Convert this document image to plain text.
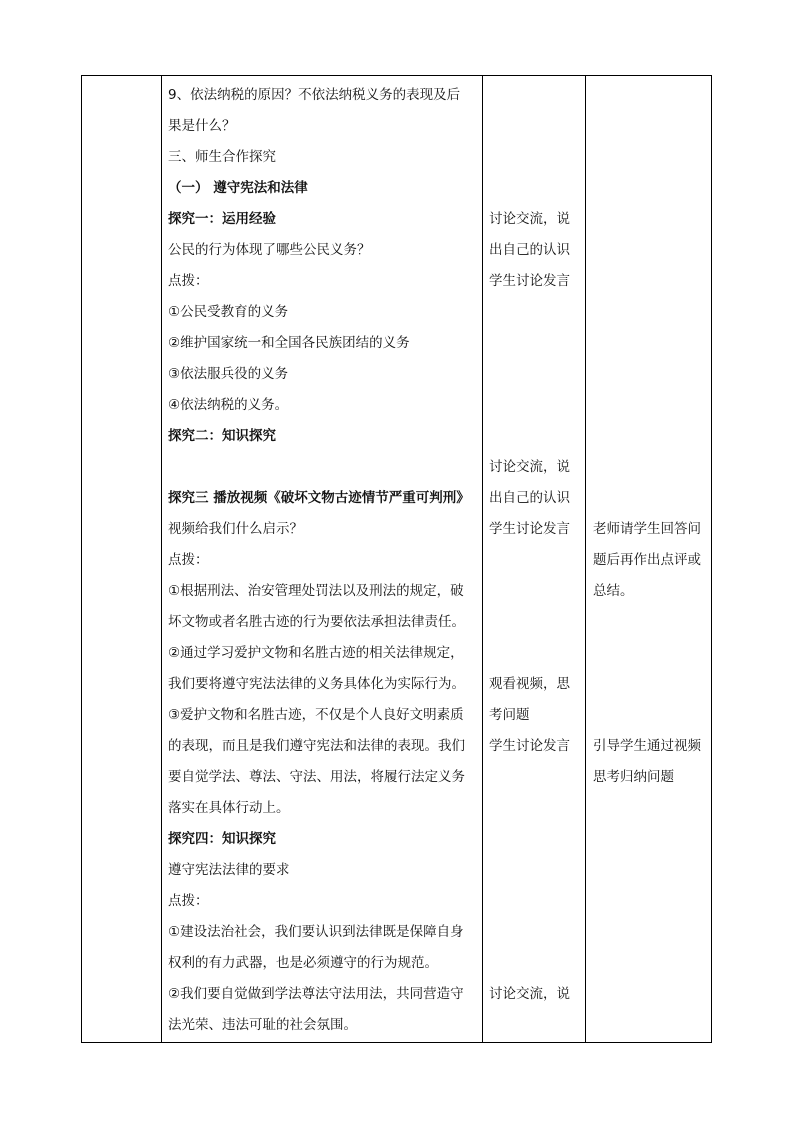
9、依法纳税的原因？不依法纳税义务的表现及后
果是什么？
三、师生合作探究
（一） 遵守宪法和法律
探究一：运用经验
公民的行为体现了哪些公民义务？
点拨：
①公民受教育的义务
②维护国家统一和全国各民族团结的义务
③依法服兵役的义务
④依法纳税的义务。
探究二：知识探究
探究三 播放视频《破坏文物古迹情节严重可判刑》
视频给我们什么启示？
点拨：
①根据刑法、治安管理处罚法以及刑法的规定，破
坏文物或者名胜古迹的行为要依法承担法律责任。
②通过学习爱护文物和名胜古迹的相关法律规定，
我们要将遵守宪法法律的义务具体化为实际行为。
③爱护文物和名胜古迹，不仅是个人良好文明素质
的表现，而且是我们遵守宪法和法律的表现。我们
要自觉学法、尊法、守法、用法，将履行法定义务
落实在具体行动上。
探究四：知识探究
遵守宪法法律的要求
点拨：
①建设法治社会，我们要认识到法律既是保障自身
权利的有力武器，也是必须遵守的行为规范。
②我们要自觉做到学法尊法守法用法，共同营造守
法光荣、违法可耻的社会氛围。
讨论交流，说
出自己的认识
学生讨论发言
讨论交流，说
出自己的认识
学生讨论发言
观看视频，思
考问题
学生讨论发言
讨论交流，说
老师请学生回答问
题后再作出点评或
总结。
引导学生通过视频
思考归纳问题
